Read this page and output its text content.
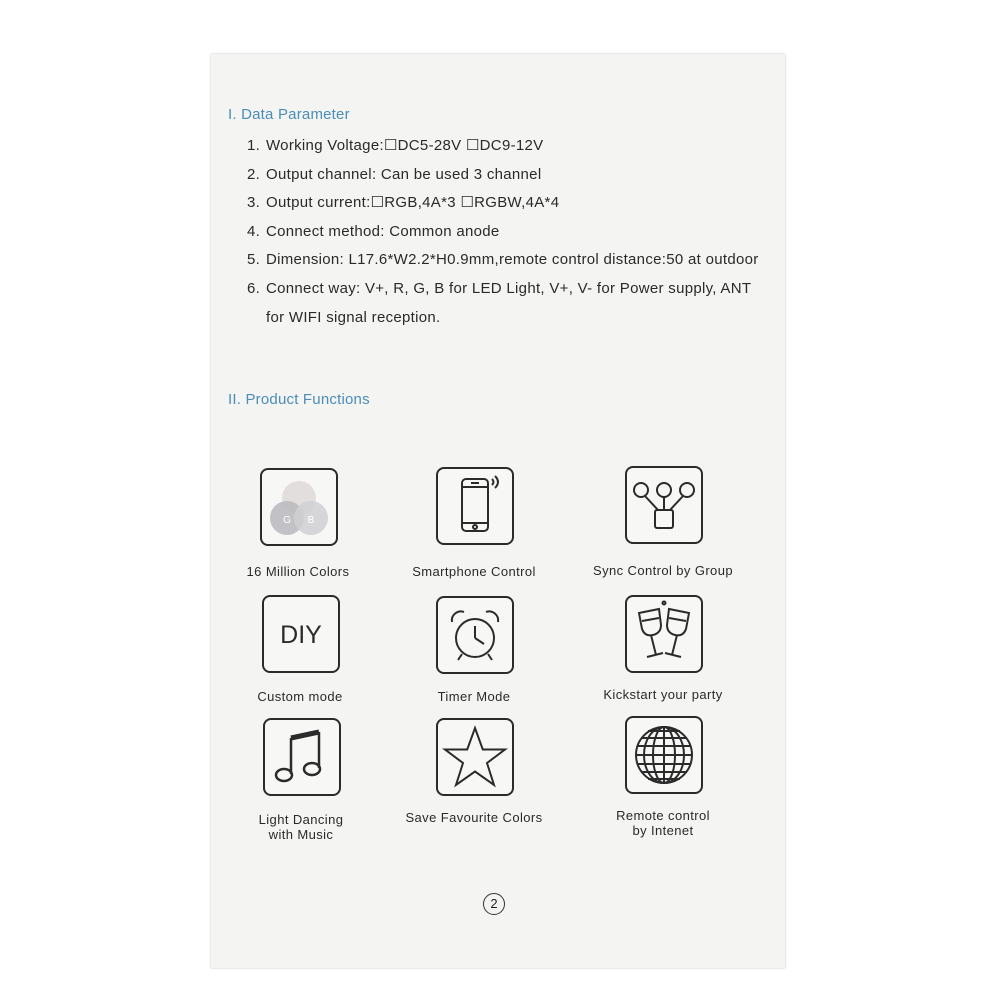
I. Data Parameter
1. Working Voltage:☐DC5-28V ☐DC9-12V
2. Output channel: Can be used 3 channel
3. Output current:☐RGB,4A*3 ☐RGBW,4A*4
4. Connect method: Common anode
5. Dimension: L17.6*W2.2*H0.9mm,remote control distance:50 at outdoor
6. Connect way: V+, R, G, B for LED Light, V+, V- for Power supply, ANT for WIFI signal reception.
II. Product Functions
G B
16 Million Colors	Smartphone Control	Sync Control by Group
DIY
Custom mode	Timer Mode	Kickstart your party
Light Dancing
with Music
Save Favourite Colors	Remote control
by Intenet
2
